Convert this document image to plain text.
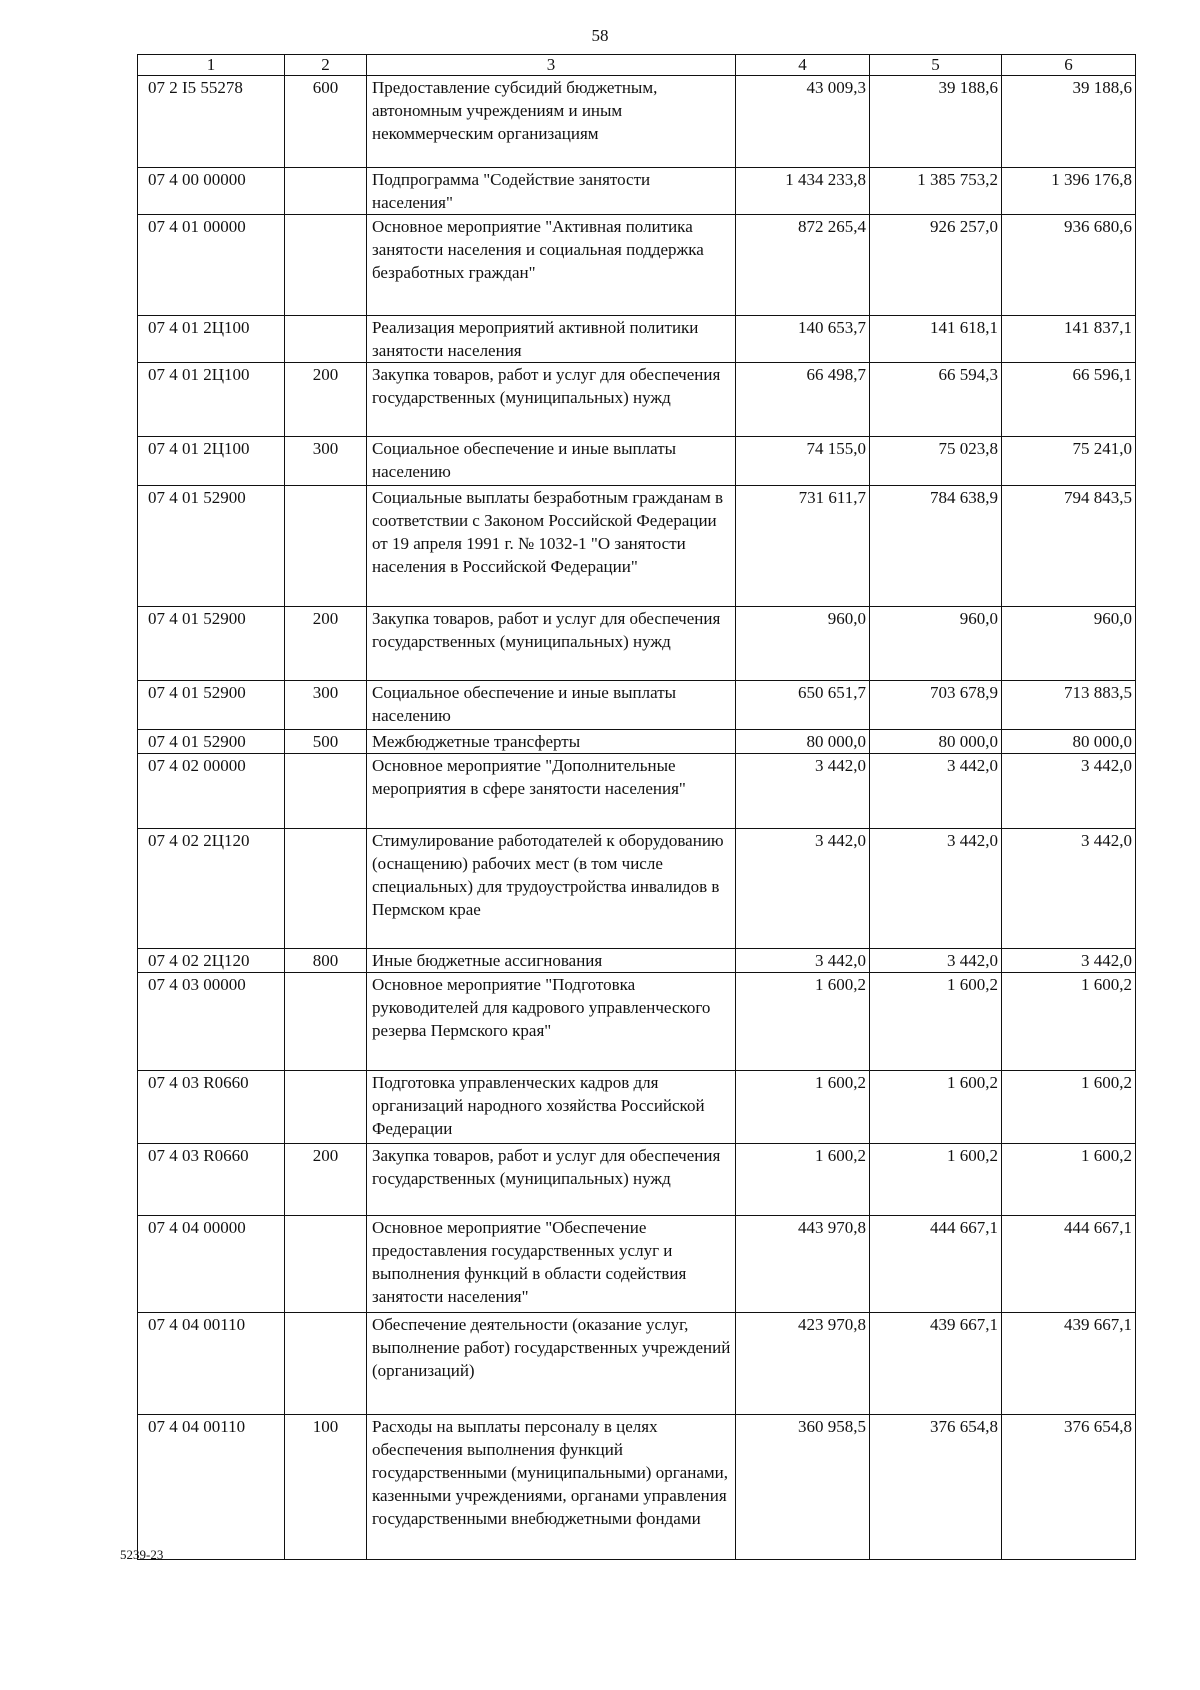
58
1	2	3	4	5	6
07 2 I5 55278	600	Предоставление субсидий бюджетным, автономным учреждениям и иным некоммерческим организациям	43 009,3	39 188,6	39 188,6
07 4 00 00000		Подпрограмма "Содействие занятости населения"	1 434 233,8	1 385 753,2	1 396 176,8
07 4 01 00000		Основное мероприятие "Активная политика занятости населения и социальная поддержка безработных граждан"	872 265,4	926 257,0	936 680,6
07 4 01 2Ц100		Реализация мероприятий активной политики занятости населения	140 653,7	141 618,1	141 837,1
07 4 01 2Ц100	200	Закупка товаров, работ и услуг для обеспечения государственных (муниципальных) нужд	66 498,7	66 594,3	66 596,1
07 4 01 2Ц100	300	Социальное обеспечение и иные выплаты населению	74 155,0	75 023,8	75 241,0
07 4 01 52900		Социальные выплаты безработным гражданам в соответствии с Законом Российской Федерации от 19 апреля 1991 г. № 1032-1 "О занятости населения в Российской Федерации"	731 611,7	784 638,9	794 843,5
07 4 01 52900	200	Закупка товаров, работ и услуг для обеспечения государственных (муниципальных) нужд	960,0	960,0	960,0
07 4 01 52900	300	Социальное обеспечение и иные выплаты населению	650 651,7	703 678,9	713 883,5
07 4 01 52900	500	Межбюджетные трансферты	80 000,0	80 000,0	80 000,0
07 4 02 00000		Основное мероприятие "Дополнительные мероприятия в сфере занятости населения"	3 442,0	3 442,0	3 442,0
07 4 02 2Ц120		Стимулирование работодателей к оборудованию (оснащению) рабочих мест (в том числе специальных) для трудоустройства инвалидов в Пермском крае	3 442,0	3 442,0	3 442,0
07 4 02 2Ц120	800	Иные бюджетные ассигнования	3 442,0	3 442,0	3 442,0
07 4 03 00000		Основное мероприятие "Подготовка руководителей для кадрового управленческого резерва Пермского края"	1 600,2	1 600,2	1 600,2
07 4 03 R0660		Подготовка управленческих кадров для организаций народного хозяйства Российской Федерации	1 600,2	1 600,2	1 600,2
07 4 03 R0660	200	Закупка товаров, работ и услуг для обеспечения государственных (муниципальных) нужд	1 600,2	1 600,2	1 600,2
07 4 04 00000		Основное мероприятие "Обеспечение предоставления государственных услуг и выполнения функций в области содействия занятости населения"	443 970,8	444 667,1	444 667,1
07 4 04 00110		Обеспечение деятельности (оказание услуг, выполнение работ) государственных учреждений (организаций)	423 970,8	439 667,1	439 667,1
07 4 04 00110	100	Расходы на выплаты персоналу в целях обеспечения выполнения функций государственными (муниципальными) органами, казенными учреждениями, органами управления государственными внебюджетными фондами	360 958,5	376 654,8	376 654,8
5239-23
